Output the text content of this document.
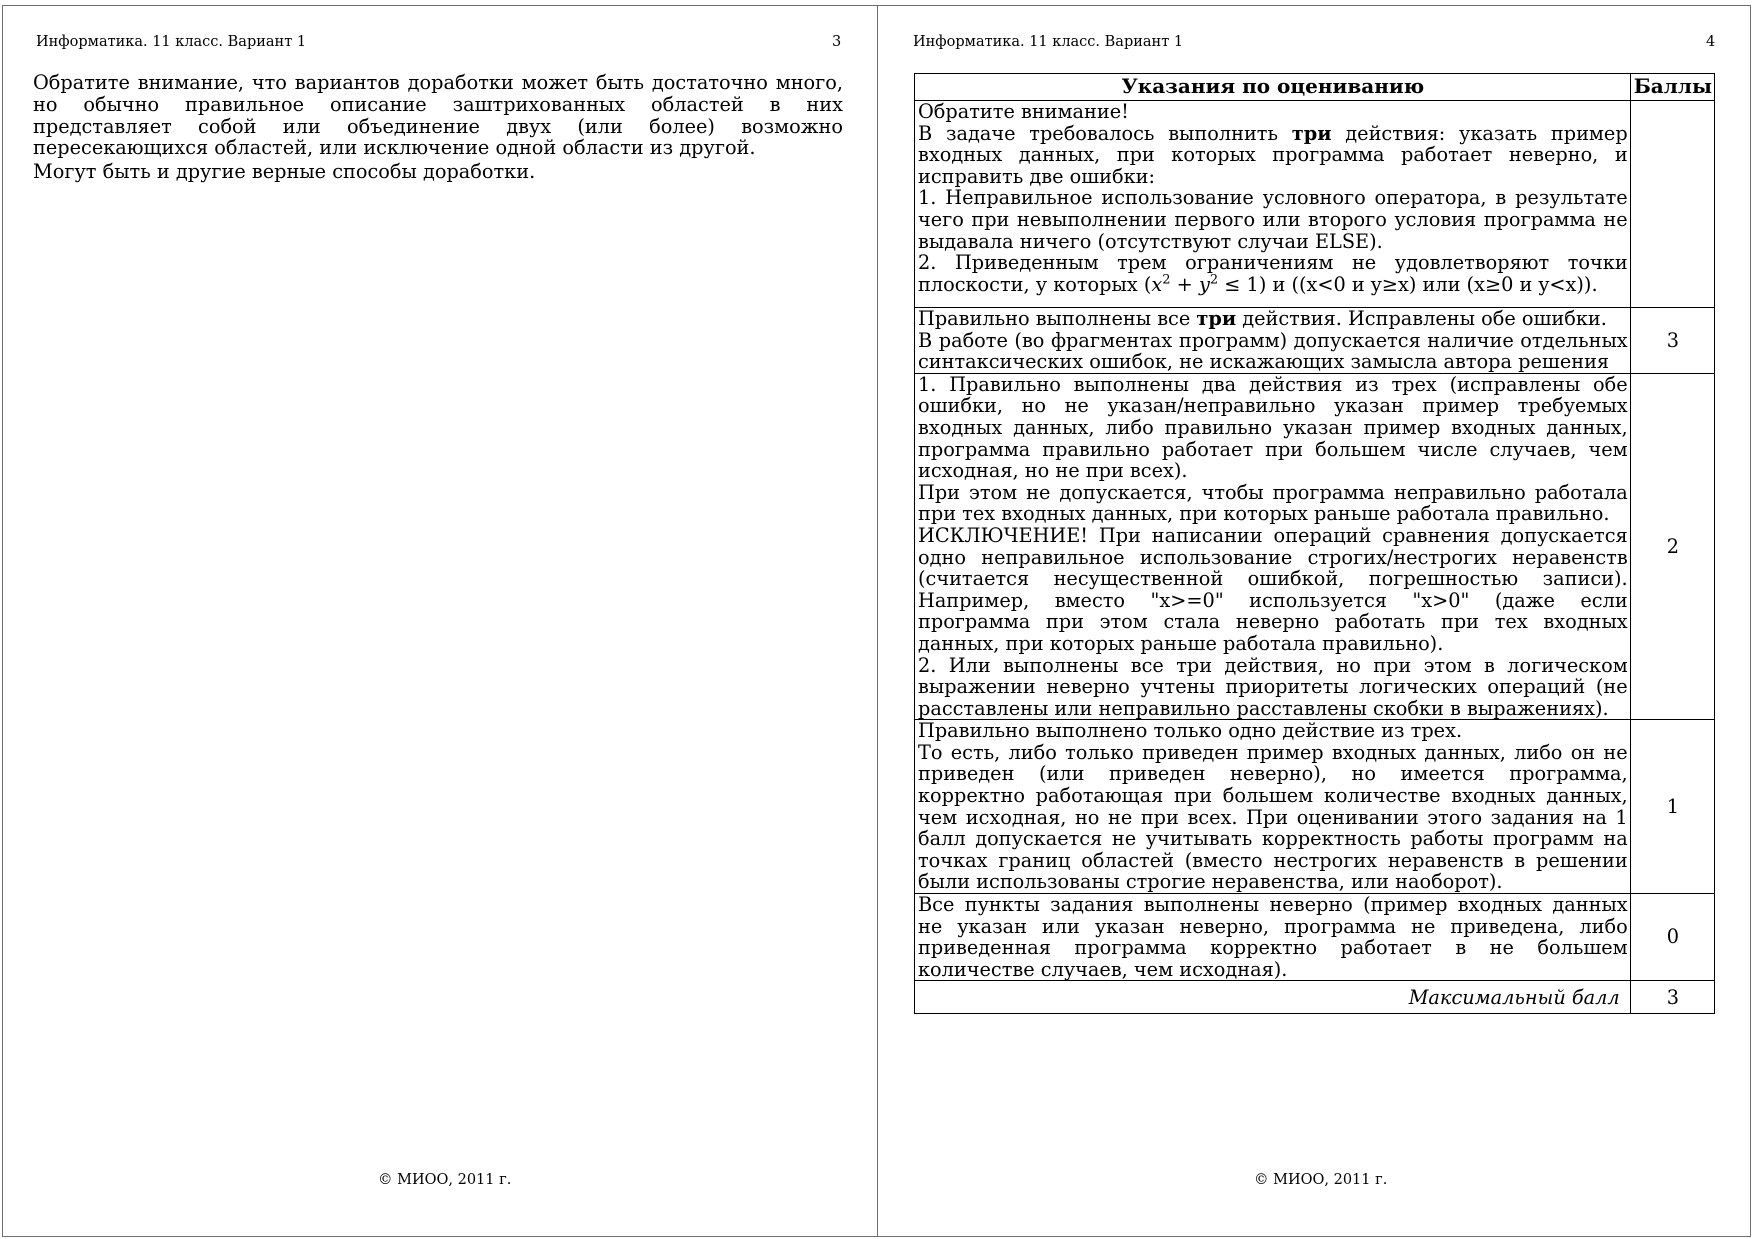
Информатика. 11 класс. Вариант 1	3

Обратите внимание, что вариантов доработки может быть достаточно много, но обычно правильное описание заштрихованных областей в них представляет собой или объединение двух (или более) возможно пересекающихся областей, или исключение одной области из другой.

Могут быть и другие верные способы доработки.

© МИОО, 2011 г.
Информатика. 11 класс. Вариант 1	4
Указания по оцениванию	Баллы

Обратите внимание!
В задаче требовалось выполнить три действия: указать пример входных данных, при которых программа работает неверно, и исправить две ошибки:
1. Неправильное использование условного оператора, в результате чего при невыполнении первого или второго условия программа не выдавала ничего (отсутствуют случаи ELSE).
2. Приведенным трем ограничениям не удовлетворяют точки плоскости, у которых $(x^2 + y^2 \le 1)$ и ((x<0 и y≥x) или (x≥0 и y<x)).	

Правильно выполнены все три действия. Исправлены обе ошибки.
В работе (во фрагментах программ) допускается наличие отдельных синтаксических ошибок, не искажающих замысла автора решения	3

1. Правильно выполнены два действия из трех (исправлены обе ошибки, но не указан/неправильно указан пример требуемых входных данных, либо правильно указан пример входных данных, программа правильно работает при большем числе случаев, чем исходная, но не при всех).
При этом не допускается, чтобы программа неправильно работала при тех входных данных, при которых раньше работала правильно.
ИСКЛЮЧЕНИЕ! При написании операций сравнения допускается одно неправильное использование строгих/нестрогих неравенств (считается несущественной ошибкой, погрешностью записи). Например, вместо "x>=0" используется "x>0" (даже если программа при этом стала неверно работать при тех входных данных, при которых раньше работала правильно).
2. Или выполнены все три действия, но при этом в логическом выражении неверно учтены приоритеты логических операций (не расставлены или неправильно расставлены скобки в выражениях).	2

Правильно выполнено только одно действие из трех.
То есть, либо только приведен пример входных данных, либо он не приведен (или приведен неверно), но имеется программа, корректно работающая при большем количестве входных данных, чем исходная, но не при всех. При оценивании этого задания на 1 балл допускается не учитывать корректность работы программ на точках границ областей (вместо нестрогих неравенств в решении были использованы строгие неравенства, или наоборот).	1

Все пункты задания выполнены неверно (пример входных данных не указан или указан неверно, программа не приведена, либо приведенная программа корректно работает в не большем количестве случаев, чем исходная).	0
Максимальный балл	3
© МИОО, 2011 г.
